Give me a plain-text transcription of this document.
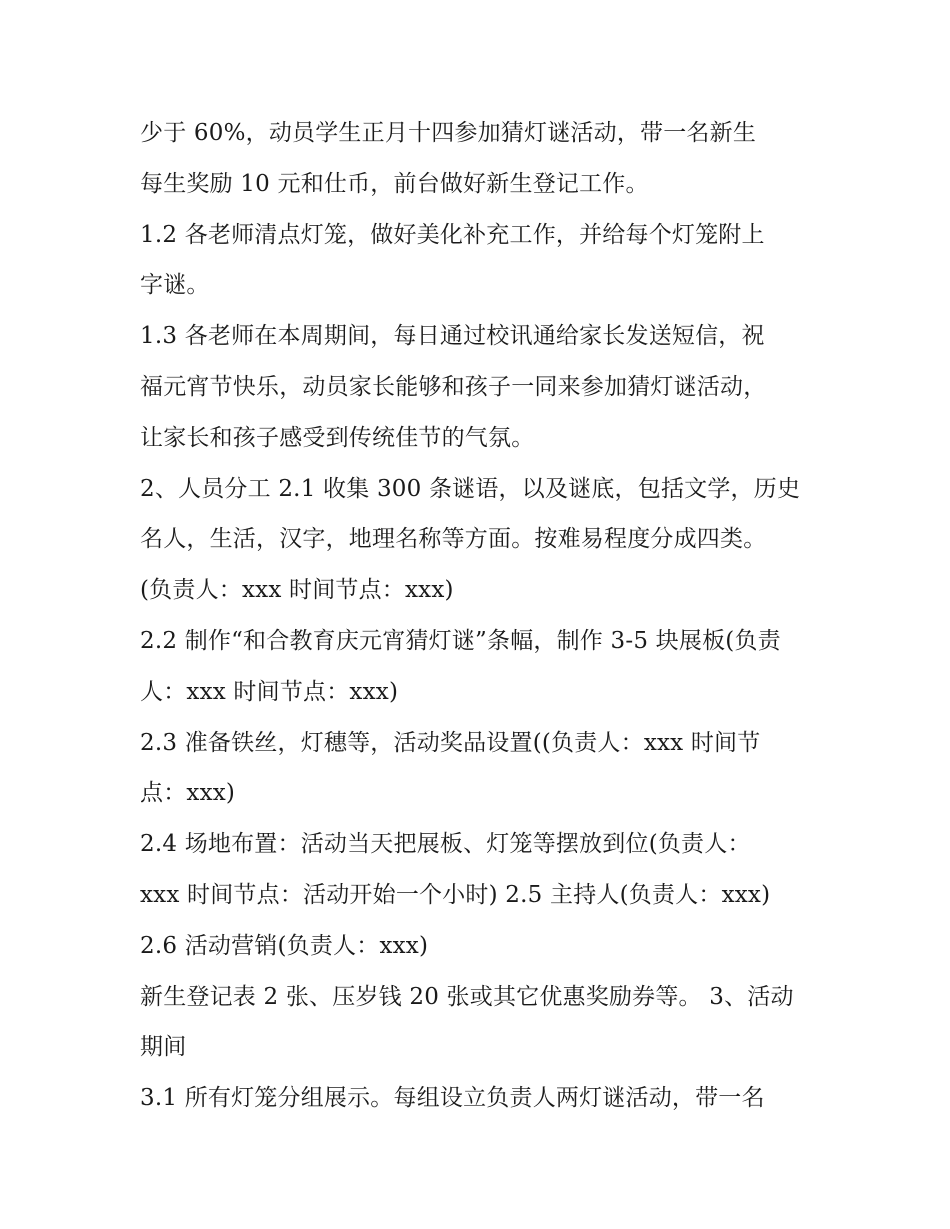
少于 60%，动员学生正月十四参加猜灯谜活动，带一名新生
每生奖励 10 元和仕币，前台做好新生登记工作。
1.2 各老师清点灯笼，做好美化补充工作，并给每个灯笼附上
字谜。
1.3 各老师在本周期间，每日通过校讯通给家长发送短信，祝
福元宵节快乐，动员家长能够和孩子一同来参加猜灯谜活动，
让家长和孩子感受到传统佳节的气氛。
2、人员分工 2.1 收集 300 条谜语，以及谜底，包括文学，历史
名人，生活，汉字，地理名称等方面。按难易程度分成四类。
(负责人：xxx 时间节点：xxx)
2.2 制作“和合教育庆元宵猜灯谜”条幅，制作 3-5 块展板(负责
人：xxx 时间节点：xxx)
2.3 准备铁丝，灯穗等，活动奖品设置((负责人：xxx 时间节
点：xxx)
2.4 场地布置：活动当天把展板、灯笼等摆放到位(负责人：
xxx 时间节点：活动开始一个小时) 2.5 主持人(负责人：xxx)
2.6 活动营销(负责人：xxx)
新生登记表 2 张、压岁钱 20 张或其它优惠奖励券等。 3、活动
期间
3.1 所有灯笼分组展示。每组设立负责人两灯谜活动，带一名
